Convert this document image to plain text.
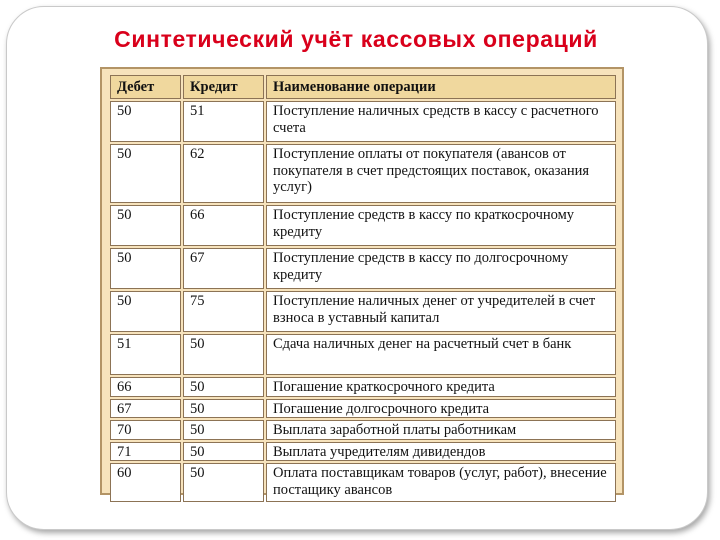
Синтетический учёт кассовых операций
Дебет	Кредит	Наименование операции
50	51	Поступление наличных средств в кассу с расчетного счета
50	62	Поступление оплаты от покупателя (авансов от покупателя в счет предстоящих поставок, оказания услуг)
50	66	Поступление средств в кассу по краткосрочному кредиту
50	67	Поступление средств в кассу по долгосрочному кредиту
50	75	Поступление наличных денег от учредителей в счет взноса в уставный капитал
51	50	Сдача наличных денег на расчетный счет в банк
66	50	Погашение краткосрочного кредита
67	50	Погашение долгосрочного кредита
70	50	Выплата заработной платы работникам
71	50	Выплата учредителям дивидендов
60	50	Оплата поставщикам товаров (услуг, работ), внесение постащику авансов
